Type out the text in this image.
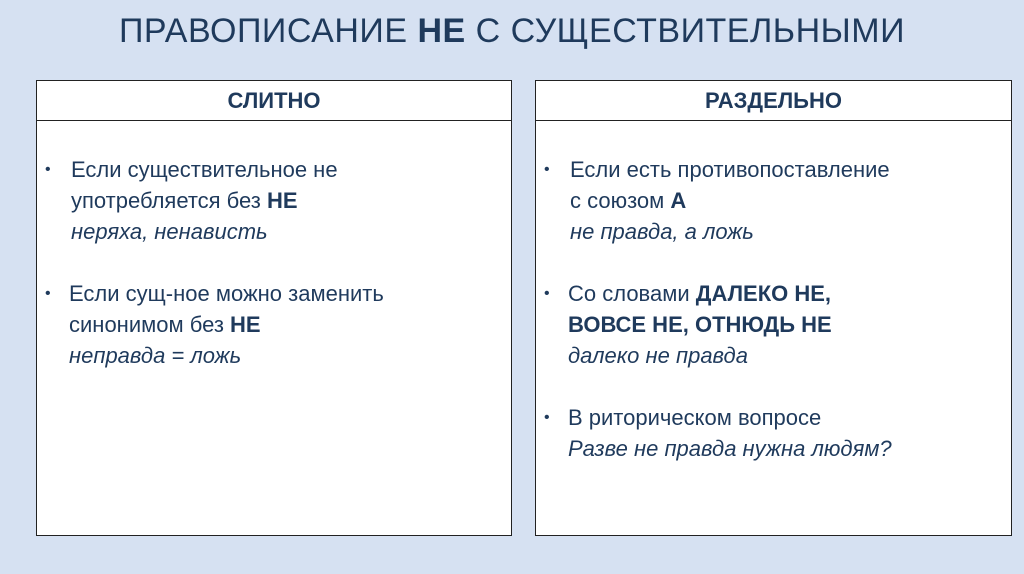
ПРАВОПИСАНИЕ НЕ С СУЩЕСТВИТЕЛЬНЫМИ
СЛИТНО
• Если существительное не
употребляется без НЕ
неряха, ненависть
• Если сущ-ное можно заменить
синонимом без НЕ
неправда = ложь
РАЗДЕЛЬНО
• Если есть противопоставление
с союзом А
не правда, а ложь
• Со словами ДАЛЕКО НЕ,
ВОВСЕ НЕ, ОТНЮДЬ НЕ
далеко не правда
• В риторическом вопросе
Разве не правда нужна людям?
